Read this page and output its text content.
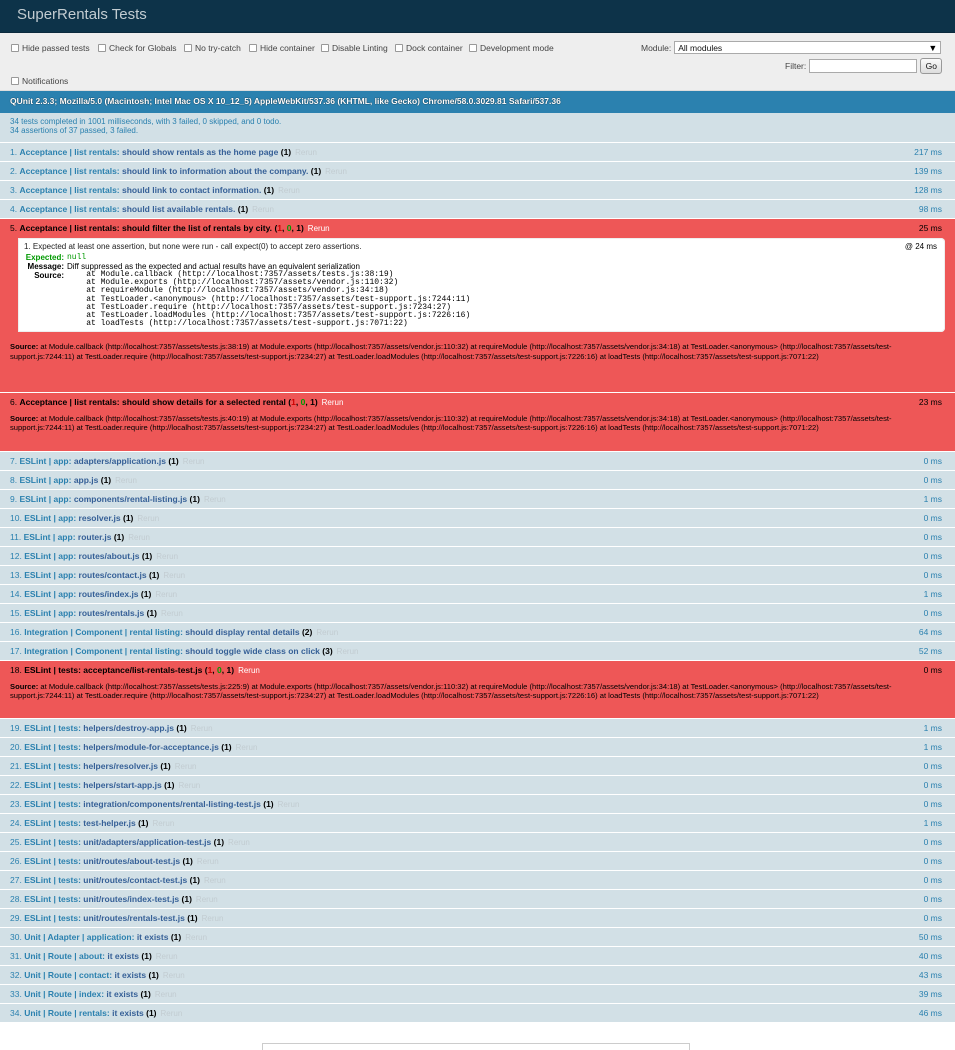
SuperRentals Tests
Hide passed tests Check for Globals No try-catch Hide container Disable Linting Dock container Development mode
Notifications
Module: All modules	▼
Filter:	Go
QUnit 2.3.3; Mozilla/5.0 (Macintosh; Intel Mac OS X 10_12_5) AppleWebKit/537.36 (KHTML, like Gecko) Chrome/58.0.3029.81 Safari/537.36
34 tests completed in 1001 milliseconds, with 3 failed, 0 skipped, and 0 todo.
34 assertions of 37 passed, 3 failed.
1. Acceptance | list rentals: should show rentals as the home page (1) Rerun	217 ms
2. Acceptance | list rentals: should link to information about the company. (1) Rerun	139 ms
3. Acceptance | list rentals: should link to contact information. (1) Rerun	128 ms
4. Acceptance | list rentals: should list available rentals. (1) Rerun	98 ms
5. Acceptance | list rentals: should filter the list of rentals by city. (1, 0, 1) Rerun	25 ms
1. Expected at least one assertion, but none were run - call expect(0) to accept zero assertions.	@ 24 ms
Expected: null
Message: Diff suppressed as the expected and actual results have an equivalent serialization
Source:	at Module.callback (http://localhost:7357/assets/tests.js:38:19)
at Module.exports (http://localhost:7357/assets/vendor.js:110:32)
at requireModule (http://localhost:7357/assets/vendor.js:34:18)
at TestLoader.<anonymous> (http://localhost:7357/assets/test-support.js:7244:11)
at TestLoader.require (http://localhost:7357/assets/test-support.js:7234:27)
at TestLoader.loadModules (http://localhost:7357/assets/test-support.js:7226:16)
at loadTests (http://localhost:7357/assets/test-support.js:7071:22)
Source: at Module.callback (http://localhost:7357/assets/tests.js:38:19) at Module.exports (http://localhost:7357/assets/vendor.js:110:32) at requireModule (http://localhost:7357/assets/vendor.js:34:18) at TestLoader.<anonymous> (http://localhost:7357/assets/test-support.js:7244:11) at TestLoader.require (http://localhost:7357/assets/test-support.js:7234:27) at TestLoader.loadModules (http://localhost:7357/assets/test-support.js:7226:16) at loadTests (http://localhost:7357/assets/test-support.js:7071:22)
6. Acceptance | list rentals: should show details for a selected rental (1, 0, 1) Rerun	23 ms
Source: at Module.callback (http://localhost:7357/assets/tests.js:40:19) at Module.exports (http://localhost:7357/assets/vendor.js:110:32) at requireModule (http://localhost:7357/assets/vendor.js:34:18) at TestLoader.<anonymous> (http://localhost:7357/assets/test-support.js:7244:11) at TestLoader.require (http://localhost:7357/assets/test-support.js:7234:27) at TestLoader.loadModules (http://localhost:7357/assets/test-support.js:7226:16) at loadTests (http://localhost:7357/assets/test-support.js:7071:22)
7. ESLint | app: adapters/application.js (1) Rerun	0 ms
8. ESLint | app: app.js (1) Rerun	0 ms
9. ESLint | app: components/rental-listing.js (1) Rerun	1 ms
10. ESLint | app: resolver.js (1) Rerun	0 ms
11. ESLint | app: router.js (1) Rerun	0 ms
12. ESLint | app: routes/about.js (1) Rerun	0 ms
13. ESLint | app: routes/contact.js (1) Rerun	0 ms
14. ESLint | app: routes/index.js (1) Rerun	1 ms
15. ESLint | app: routes/rentals.js (1) Rerun	0 ms
16. Integration | Component | rental listing: should display rental details (2) Rerun	64 ms
17. Integration | Component | rental listing: should toggle wide class on click (3) Rerun	52 ms
18. ESLint | tests: acceptance/list-rentals-test.js (1, 0, 1) Rerun	0 ms
Source: at Module.callback (http://localhost:7357/assets/tests.js:225:9) at Module.exports (http://localhost:7357/assets/vendor.js:110:32) at requireModule (http://localhost:7357/assets/vendor.js:34:18) at TestLoader.<anonymous> (http://localhost:7357/assets/test-support.js:7244:11) at TestLoader.require (http://localhost:7357/assets/test-support.js:7234:27) at TestLoader.loadModules (http://localhost:7357/assets/test-support.js:7226:16) at loadTests (http://localhost:7357/assets/test-support.js:7071:22)
19. ESLint | tests: helpers/destroy-app.js (1) Rerun	1 ms
20. ESLint | tests: helpers/module-for-acceptance.js (1) Rerun	1 ms
21. ESLint | tests: helpers/resolver.js (1) Rerun	0 ms
22. ESLint | tests: helpers/start-app.js (1) Rerun	0 ms
23. ESLint | tests: integration/components/rental-listing-test.js (1) Rerun	0 ms
24. ESLint | tests: test-helper.js (1) Rerun	1 ms
25. ESLint | tests: unit/adapters/application-test.js (1) Rerun	0 ms
26. ESLint | tests: unit/routes/about-test.js (1) Rerun	0 ms
27. ESLint | tests: unit/routes/contact-test.js (1) Rerun	0 ms
28. ESLint | tests: unit/routes/index-test.js (1) Rerun	0 ms
29. ESLint | tests: unit/routes/rentals-test.js (1) Rerun	0 ms
30. Unit | Adapter | application: it exists (1) Rerun	50 ms
31. Unit | Route | about: it exists (1) Rerun	40 ms
32. Unit | Route | contact: it exists (1) Rerun	43 ms
33. Unit | Route | index: it exists (1) Rerun	39 ms
34. Unit | Route | rentals: it exists (1) Rerun	46 ms
